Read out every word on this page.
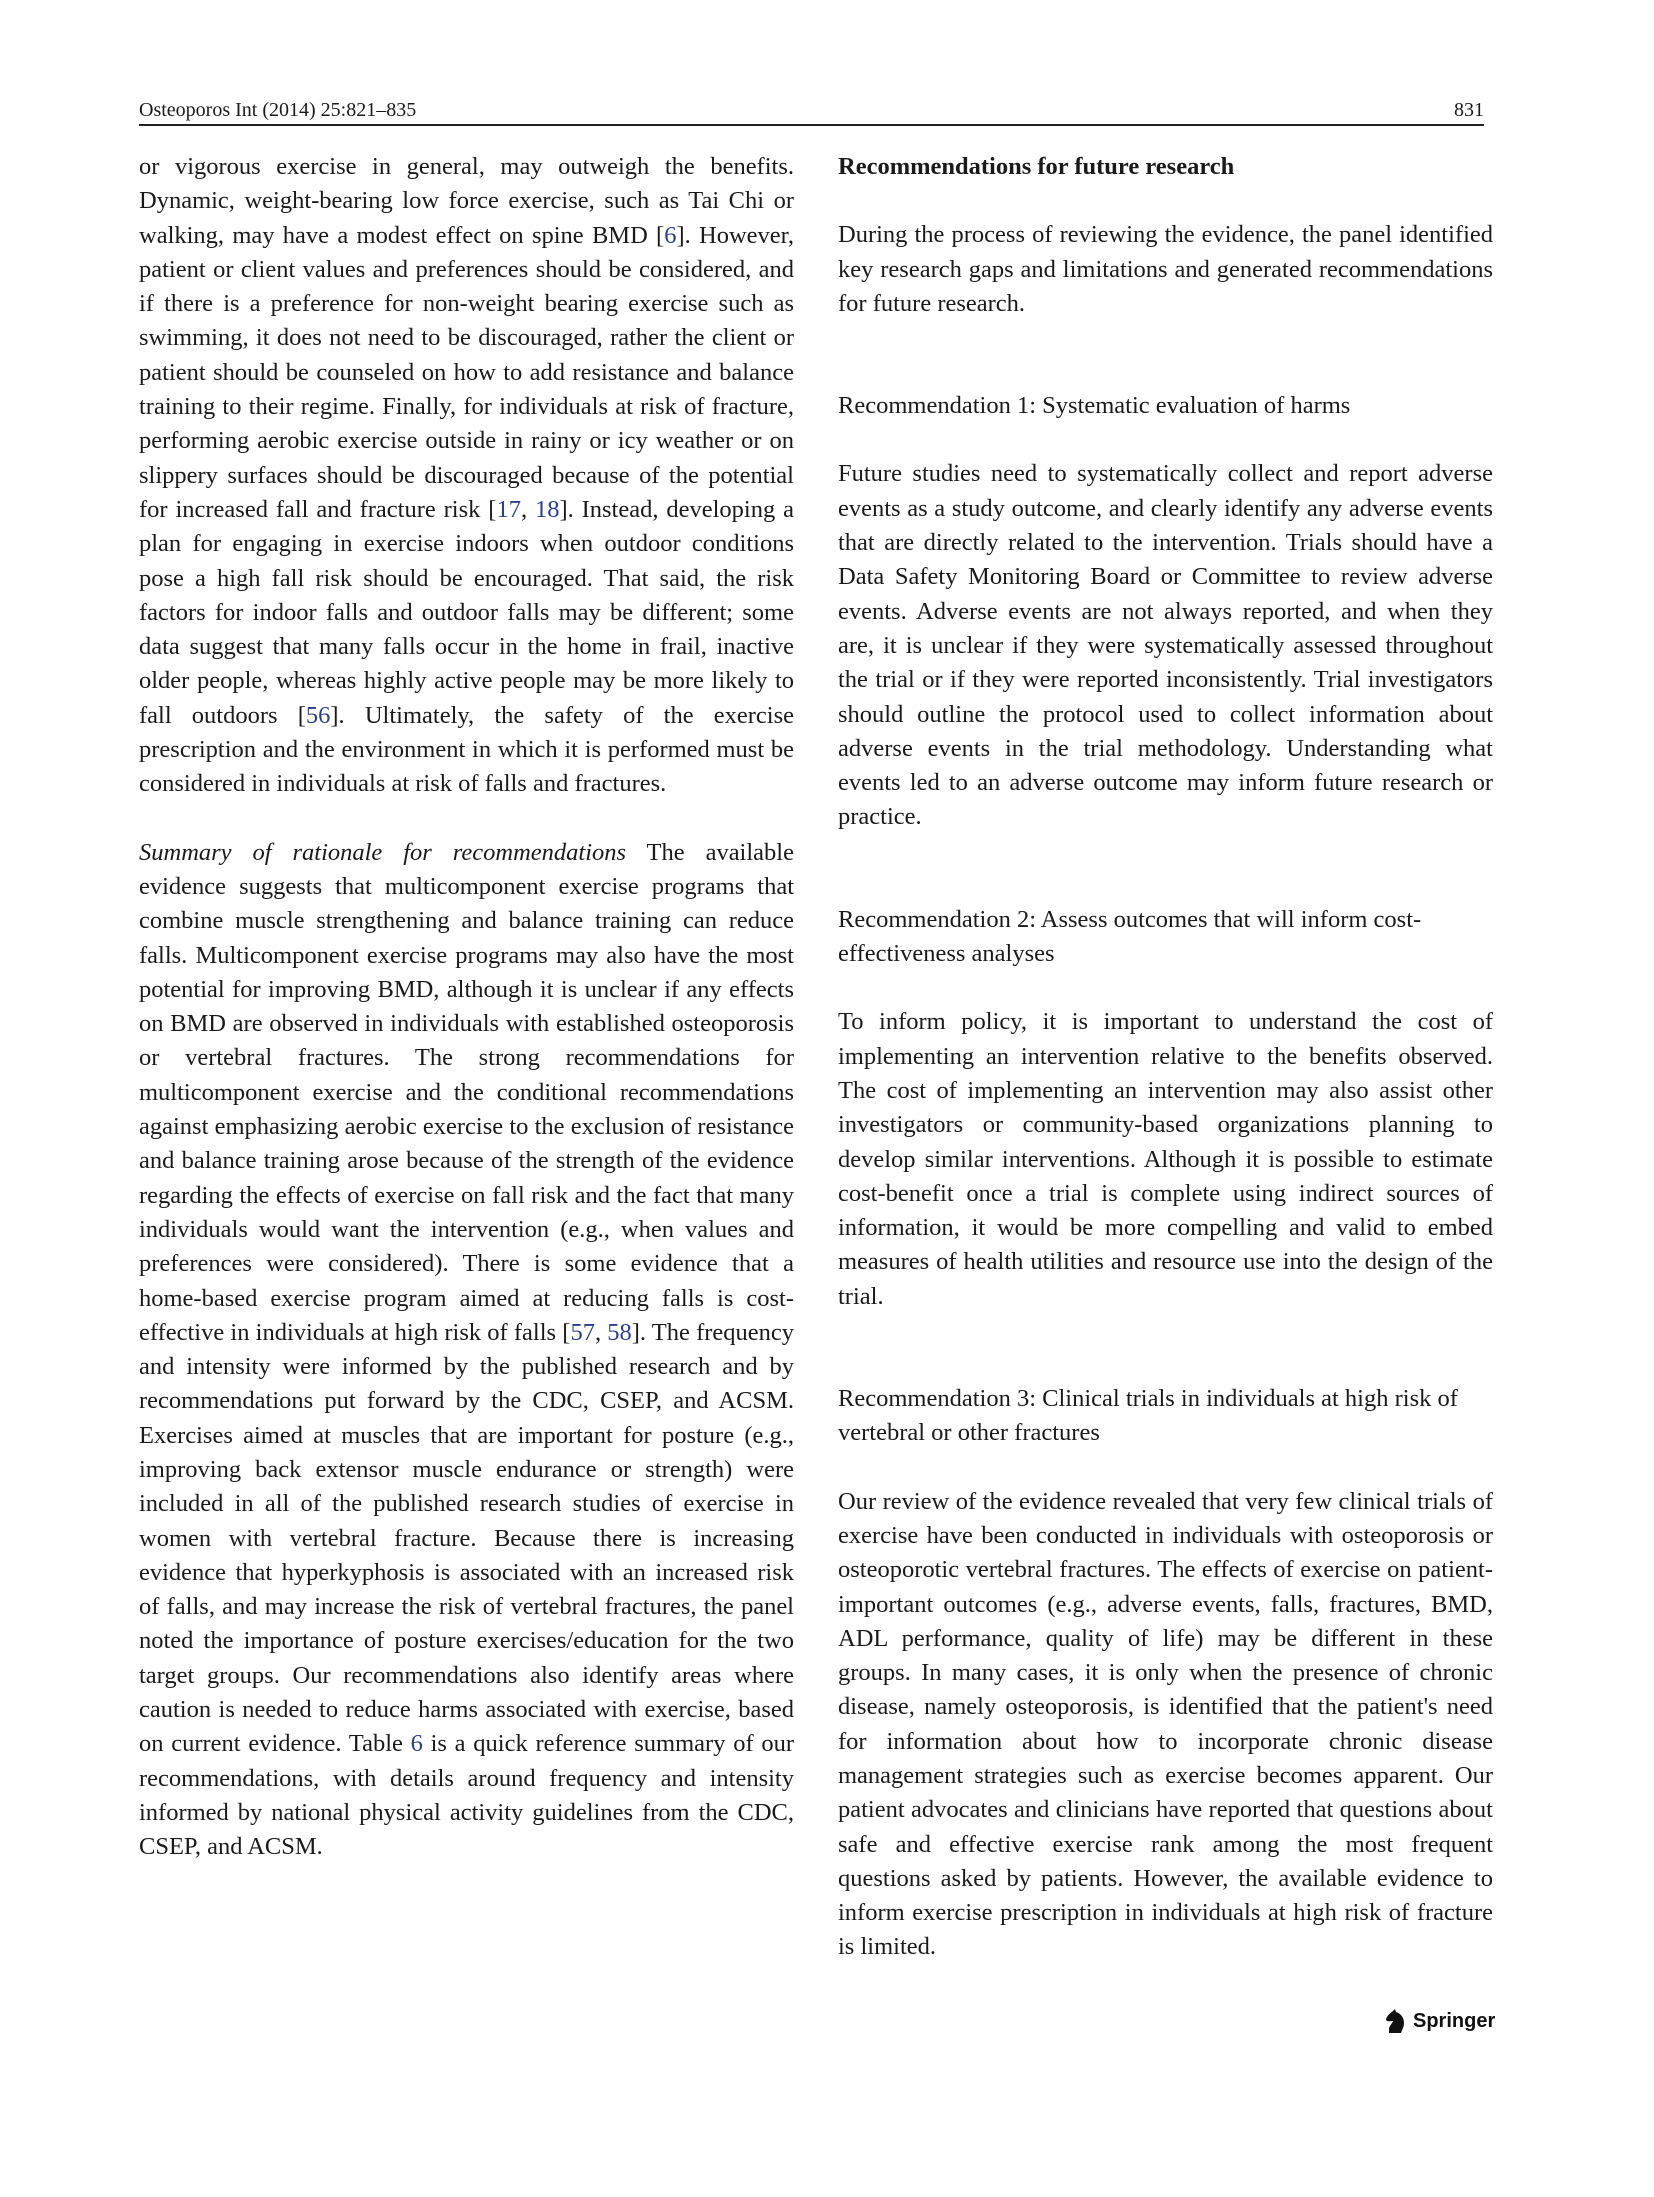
Osteoporos Int (2014) 25:821–835	831

or vigorous exercise in general, may outweigh the benefits. Dynamic, weight-bearing low force exercise, such as Tai Chi or walking, may have a modest effect on spine BMD [6]. However, patient or client values and preferences should be considered, and if there is a preference for non-weight bearing exercise such as swimming, it does not need to be discouraged, rather the client or patient should be counseled on how to add resistance and balance training to their regime. Finally, for individuals at risk of fracture, performing aerobic exercise outside in rainy or icy weather or on slippery surfaces should be discouraged because of the potential for increased fall and fracture risk [17, 18]. Instead, developing a plan for engaging in exercise indoors when outdoor conditions pose a high fall risk should be encouraged. That said, the risk factors for indoor falls and outdoor falls may be different; some data suggest that many falls occur in the home in frail, inactive older people, whereas highly active people may be more likely to fall outdoors [56]. Ultimately, the safety of the exercise prescription and the environment in which it is performed must be considered in individuals at risk of falls and fractures.

Summary of rationale for recommendations The available evidence suggests that multicomponent exercise programs that combine muscle strengthening and balance training can reduce falls. Multicomponent exercise programs may also have the most potential for improving BMD, although it is unclear if any effects on BMD are observed in individuals with established osteoporosis or vertebral fractures. The strong recommendations for multicomponent exercise and the conditional recommendations against emphasizing aerobic exercise to the exclusion of resistance and balance training arose because of the strength of the evidence regarding the effects of exercise on fall risk and the fact that many individuals would want the intervention (e.g., when values and preferences were considered). There is some evidence that a home-based exercise program aimed at reducing falls is cost-effective in individuals at high risk of falls [57, 58]. The frequency and intensity were informed by the published research and by recommendations put forward by the CDC, CSEP, and ACSM. Exercises aimed at muscles that are important for posture (e.g., improving back extensor muscle endurance or strength) were included in all of the published research studies of exercise in women with vertebral fracture. Because there is increasing evidence that hyperkyphosis is associated with an increased risk of falls, and may increase the risk of vertebral fractures, the panel noted the importance of posture exercises/education for the two target groups. Our recommendations also identify areas where caution is needed to reduce harms associated with exercise, based on current evidence. Table 6 is a quick reference summary of our recommendations, with details around frequency and intensity informed by national physical activity guidelines from the CDC, CSEP, and ACSM.

Recommendations for future research

During the process of reviewing the evidence, the panel identified key research gaps and limitations and generated recommendations for future research.

Recommendation 1: Systematic evaluation of harms

Future studies need to systematically collect and report adverse events as a study outcome, and clearly identify any adverse events that are directly related to the intervention. Trials should have a Data Safety Monitoring Board or Committee to review adverse events. Adverse events are not always reported, and when they are, it is unclear if they were systematically assessed throughout the trial or if they were reported inconsistently. Trial investigators should outline the protocol used to collect information about adverse events in the trial methodology. Understanding what events led to an adverse outcome may inform future research or practice.

Recommendation 2: Assess outcomes that will inform cost-effectiveness analyses

To inform policy, it is important to understand the cost of implementing an intervention relative to the benefits observed. The cost of implementing an intervention may also assist other investigators or community-based organizations planning to develop similar interventions. Although it is possible to estimate cost-benefit once a trial is complete using indirect sources of information, it would be more compelling and valid to embed measures of health utilities and resource use into the design of the trial.

Recommendation 3: Clinical trials in individuals at high risk of vertebral or other fractures

Our review of the evidence revealed that very few clinical trials of exercise have been conducted in individuals with osteoporosis or osteoporotic vertebral fractures. The effects of exercise on patient-important outcomes (e.g., adverse events, falls, fractures, BMD, ADL performance, quality of life) may be different in these groups. In many cases, it is only when the presence of chronic disease, namely osteoporosis, is identified that the patient's need for information about how to incorporate chronic disease management strategies such as exercise becomes apparent. Our patient advocates and clinicians have reported that questions about safe and effective exercise rank among the most frequent questions asked by patients. However, the available evidence to inform exercise prescription in individuals at high risk of fracture is limited.

Springer
